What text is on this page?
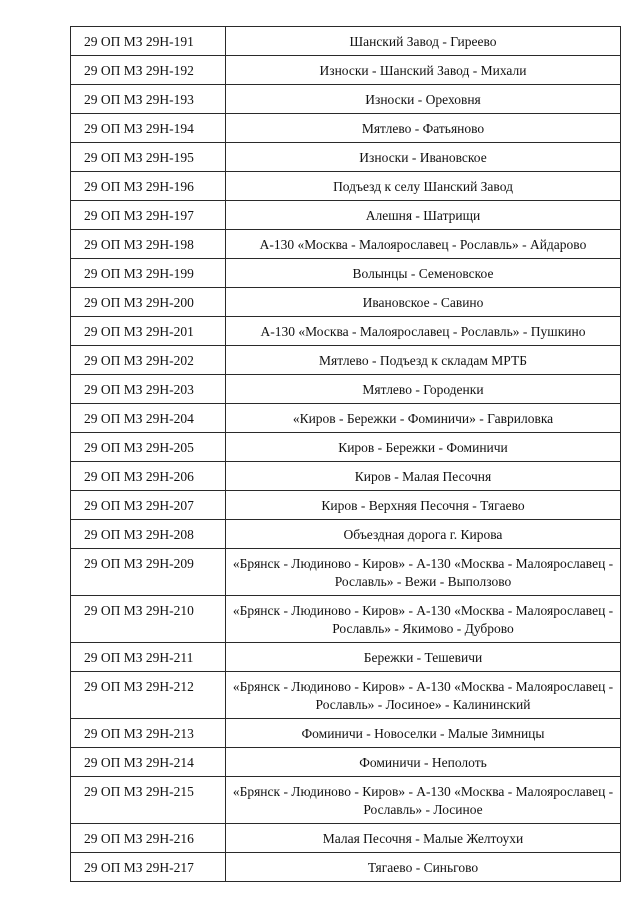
29 ОП МЗ 29Н-191	Шанский Завод - Гиреево
29 ОП МЗ 29Н-192	Износки - Шанский Завод - Михали
29 ОП МЗ 29Н-193	Износки - Ореховня
29 ОП МЗ 29Н-194	Мятлево - Фатьяново
29 ОП МЗ 29Н-195	Износки - Ивановское
29 ОП МЗ 29Н-196	Подъезд к селу Шанский Завод
29 ОП МЗ 29Н-197	Алешня - Шатрищи
29 ОП МЗ 29Н-198	А-130 «Москва - Малоярославец - Рославль» - Айдарово
29 ОП МЗ 29Н-199	Волынцы - Семеновское
29 ОП МЗ 29Н-200	Ивановское - Савино
29 ОП МЗ 29Н-201	А-130 «Москва - Малоярославец - Рославль» - Пушкино
29 ОП МЗ 29Н-202	Мятлево - Подъезд к складам МРТБ
29 ОП МЗ 29Н-203	Мятлево - Городенки
29 ОП МЗ 29Н-204	«Киров - Бережки - Фоминичи» - Гавриловка
29 ОП МЗ 29Н-205	Киров - Бережки - Фоминичи
29 ОП МЗ 29Н-206	Киров - Малая Песочня
29 ОП МЗ 29Н-207	Киров - Верхняя Песочня - Тягаево
29 ОП МЗ 29Н-208	Объездная дорога г. Кирова
29 ОП МЗ 29Н-209	«Брянск - Людиново - Киров» - А-130 «Москва - Малоярославец - Рославль» - Вежи - Выползово
29 ОП МЗ 29Н-210	«Брянск - Людиново - Киров» - А-130 «Москва - Малоярославец - Рославль» - Якимово - Дуброво
29 ОП МЗ 29Н-211	Бережки - Тешевичи
29 ОП МЗ 29Н-212	«Брянск - Людиново - Киров» - А-130 «Москва - Малоярославец - Рославль» - Лосиное» - Калининский
29 ОП МЗ 29Н-213	Фоминичи - Новоселки - Малые Зимницы
29 ОП МЗ 29Н-214	Фоминичи - Неполоть
29 ОП МЗ 29Н-215	«Брянск - Людиново - Киров» - А-130 «Москва - Малоярославец - Рославль» - Лосиное
29 ОП МЗ 29Н-216	Малая Песочня - Малые Желтоухи
29 ОП МЗ 29Н-217	Тягаево - Синьгово
